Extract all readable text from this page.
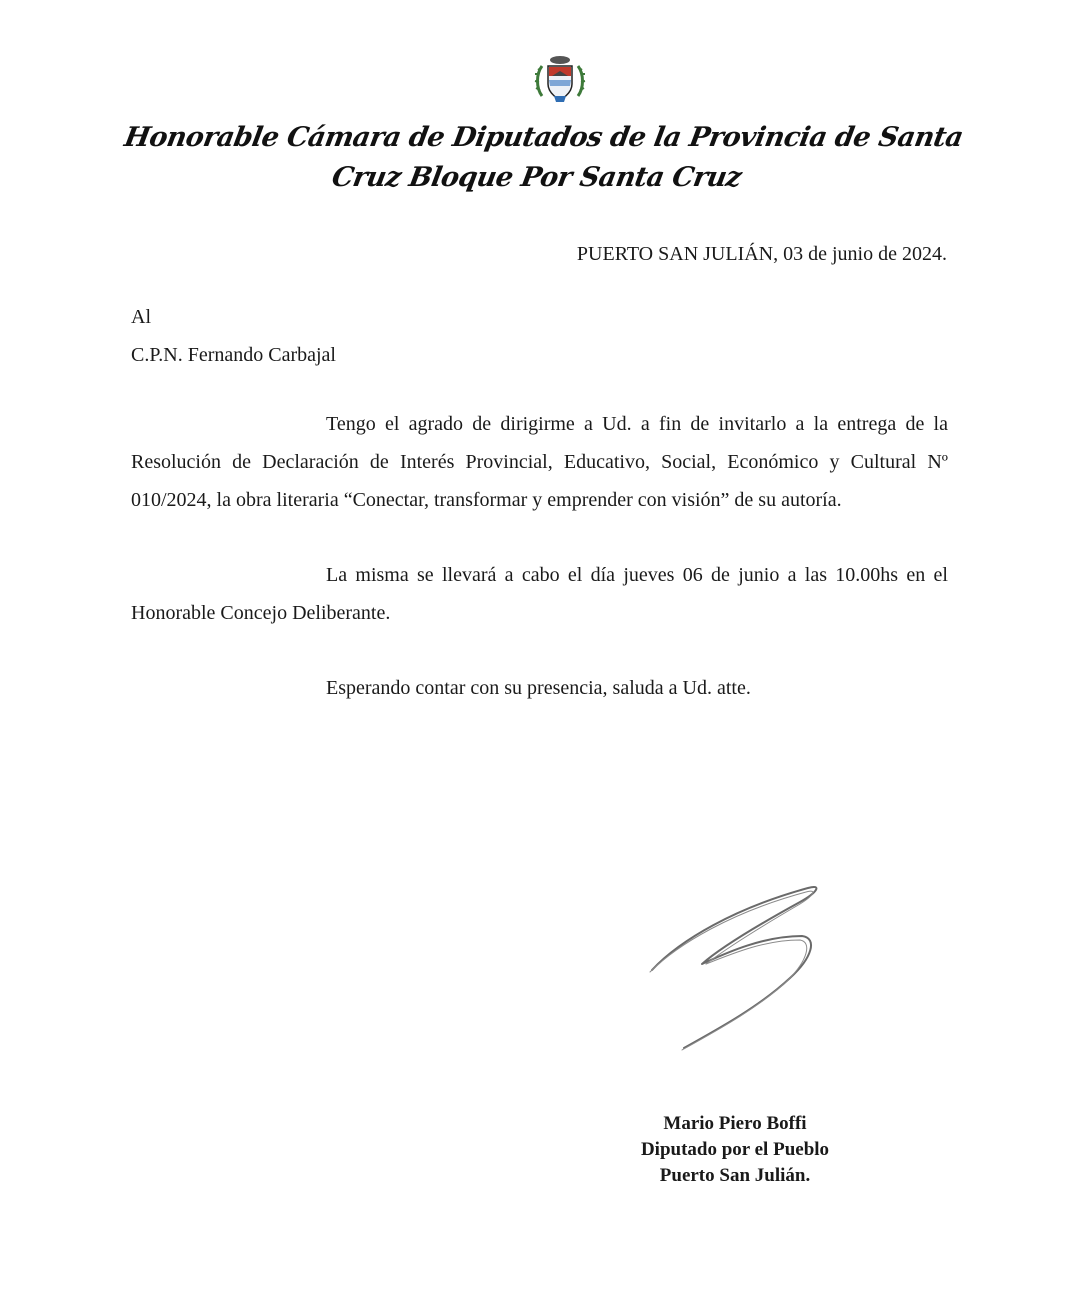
Honorable Cámara de Diputados de la Provincia de Santa Cruz Bloque Por Santa Cruz
PUERTO SAN JULIÁN, 03 de junio de 2024.
Al
C.P.N. Fernando Carbajal
Tengo el agrado de dirigirme a Ud. a fin de invitarlo a la entrega de la Resolución de Declaración de Interés Provincial, Educativo, Social, Económico y Cultural Nº 010/2024, la obra literaria “Conectar, transformar y emprender con visión” de su autoría.
La misma se llevará a cabo el día jueves 06 de junio a las 10.00hs en el Honorable Concejo Deliberante.
Esperando contar con su presencia, saluda a Ud. atte.
Mario Piero Boffi
Diputado por el Pueblo
Puerto San Julián.
